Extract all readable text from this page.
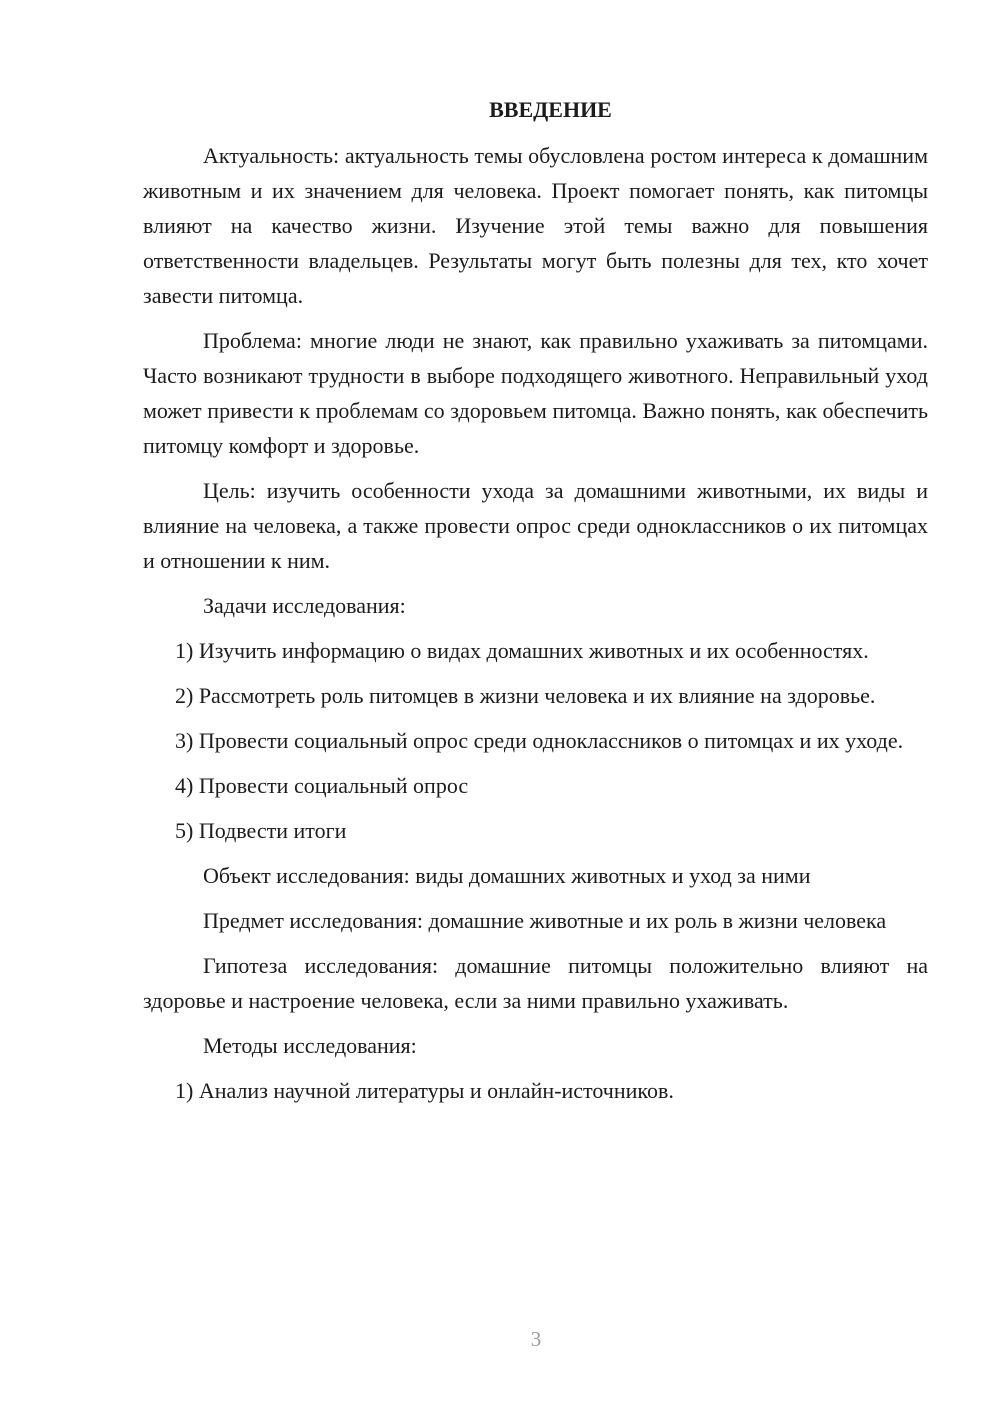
ВВЕДЕНИЕ

Актуальность: актуальность темы обусловлена ростом интереса к домашним животным и их значением для человека. Проект помогает понять, как питомцы влияют на качество жизни. Изучение этой темы важно для повышения ответственности владельцев. Результаты могут быть полезны для тех, кто хочет завести питомца.

Проблема: многие люди не знают, как правильно ухаживать за питомцами. Часто возникают трудности в выборе подходящего животного. Неправильный уход может привести к проблемам со здоровьем питомца. Важно понять, как обеспечить питомцу комфорт и здоровье.

Цель: изучить особенности ухода за домашними животными, их виды и влияние на человека, а также провести опрос среди одноклассников о их питомцах и отношении к ним.

Задачи исследования:

1) Изучить информацию о видах домашних животных и их особенностях.

2) Рассмотреть роль питомцев в жизни человека и их влияние на здоровье.

3) Провести социальный опрос среди одноклассников о питомцах и их уходе.

4) Провести социальный опрос

5) Подвести итоги

Объект исследования: виды домашних животных и уход за ними

Предмет исследования: домашние животные и их роль в жизни человека

Гипотеза исследования: домашние питомцы положительно влияют на здоровье и настроение человека, если за ними правильно ухаживать.

Методы исследования:

1) Анализ научной литературы и онлайн-источников.

3
